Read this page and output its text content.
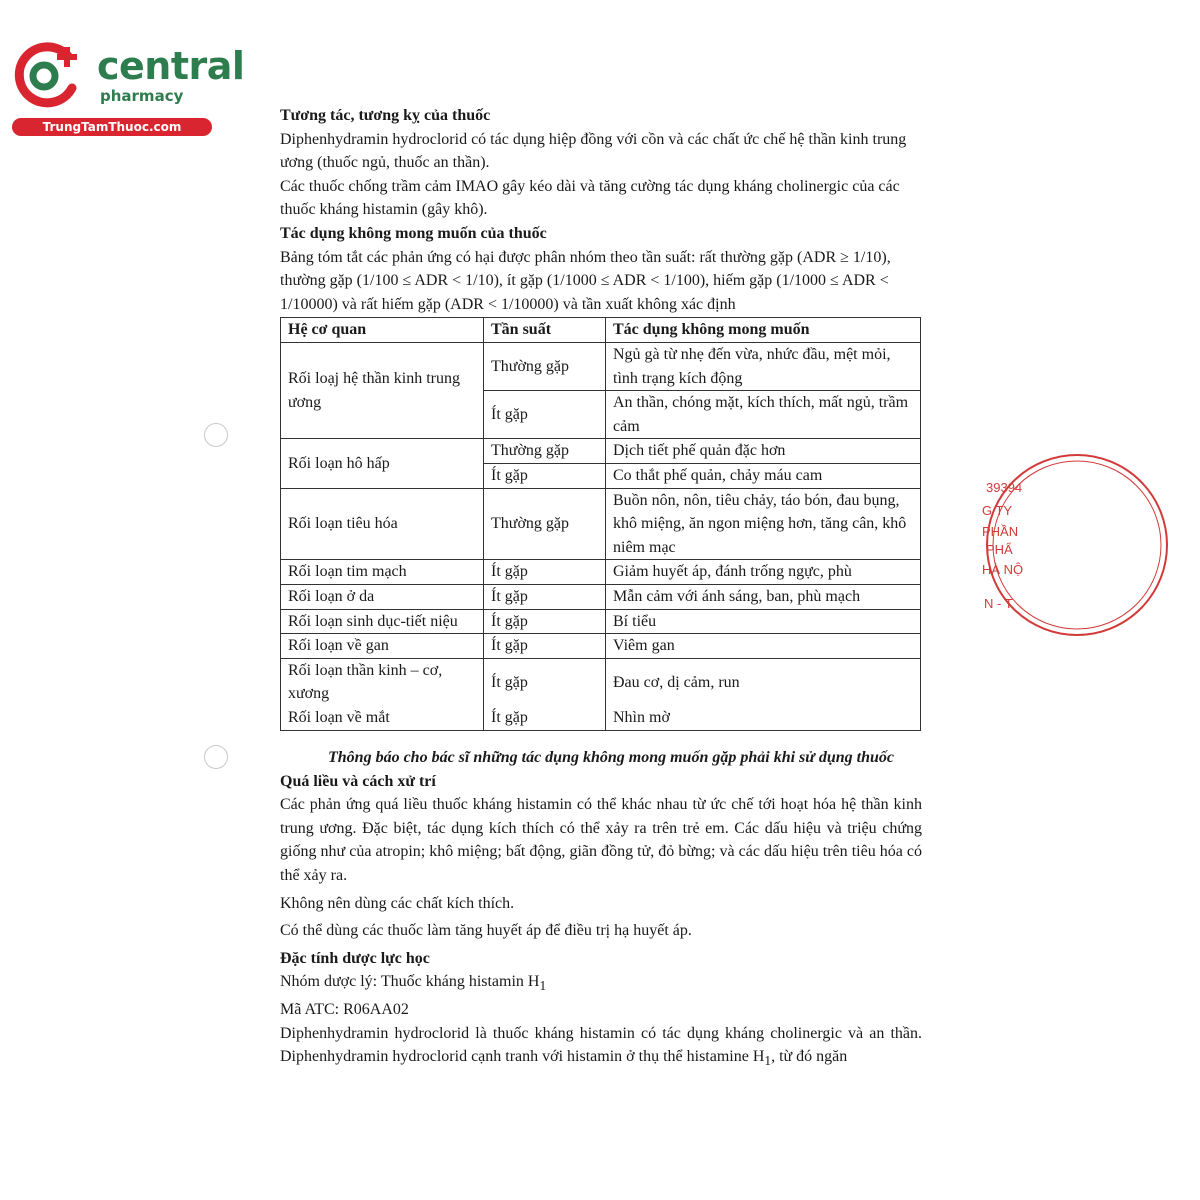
central
pharmacy
TrungTamThuoc.com

Tương tác, tương kỵ của thuốc

Diphenhydramin hydroclorid có tác dụng hiệp đồng với cồn và các chất ức chế hệ thần kinh trung ương (thuốc ngủ, thuốc an thần).

Các thuốc chống trầm cảm IMAO gây kéo dài và tăng cường tác dụng kháng cholinergic của các thuốc kháng histamin (gây khô).

Tác dụng không mong muốn của thuốc

Bảng tóm tắt các phản ứng có hại được phân nhóm theo tần suất: rất thường gặp (ADR ≥ 1/10), thường gặp (1/100 ≤ ADR < 1/10), ít gặp (1/1000 ≤ ADR < 1/100), hiếm gặp (1/1000 ≤ ADR < 1/10000) và rất hiếm gặp (ADR < 1/10000) và tần xuất không xác định

Hệ cơ quan	Tần suất	Tác dụng không mong muốn
Rối loạj hệ thần kinh trung ương	Thường gặp	Ngủ gà từ nhẹ đến vừa, nhức đầu, mệt mỏi, tình trạng kích động
	Ít gặp	An thần, chóng mặt, kích thích, mất ngủ, trầm cảm
Rối loạn hô hấp	Thường gặp	Dịch tiết phế quản đặc hơn
	Ít gặp	Co thắt phế quản, chảy máu cam
Rối loạn tiêu hóa	Thường gặp	Buồn nôn, nôn, tiêu chảy, táo bón, đau bụng, khô miệng, ăn ngon miệng hơn, tăng cân, khô niêm mạc
Rối loạn tim mạch	Ít gặp	Giảm huyết áp, đánh trống ngực, phù
Rối loạn ở da	Ít gặp	Mẫn cảm với ánh sáng, ban, phù mạch
Rối loạn sinh dục-tiết niệu	Ít gặp	Bí tiểu
Rối loạn về gan	Ít gặp	Viêm gan
Rối loạn thần kinh – cơ, xương	Ít gặp	Đau cơ, dị cảm, run
Rối loạn về mắt	Ít gặp	Nhìn mờ

Thông báo cho bác sĩ những tác dụng không mong muốn gặp phải khi sử dụng thuốc

Quá liều và cách xử trí

Các phản ứng quá liều thuốc kháng histamin có thể khác nhau từ ức chế tới hoạt hóa hệ thần kinh trung ương. Đặc biệt, tác dụng kích thích có thể xảy ra trên trẻ em. Các dấu hiệu và triệu chứng giống như của atropin; khô miệng; bất động, giãn đồng tử, đỏ bừng; và các dấu hiệu trên tiêu hóa có thể xảy ra.

Không nên dùng các chất kích thích.

Có thể dùng các thuốc làm tăng huyết áp để điều trị hạ huyết áp.

Đặc tính dược lực học

Nhóm dược lý: Thuốc kháng histamin $H_1$

Mã ATC: R06AA02

Diphenhydramin hydroclorid là thuốc kháng histamin có tác dụng kháng cholinergic và an thần. Diphenhydramin hydroclorid cạnh tranh với histamin ở thụ thể histamine $H_1$, từ đó ngăn

39394
G TY
PHẦN
PHẨ
HÀ NỘ
N - T
